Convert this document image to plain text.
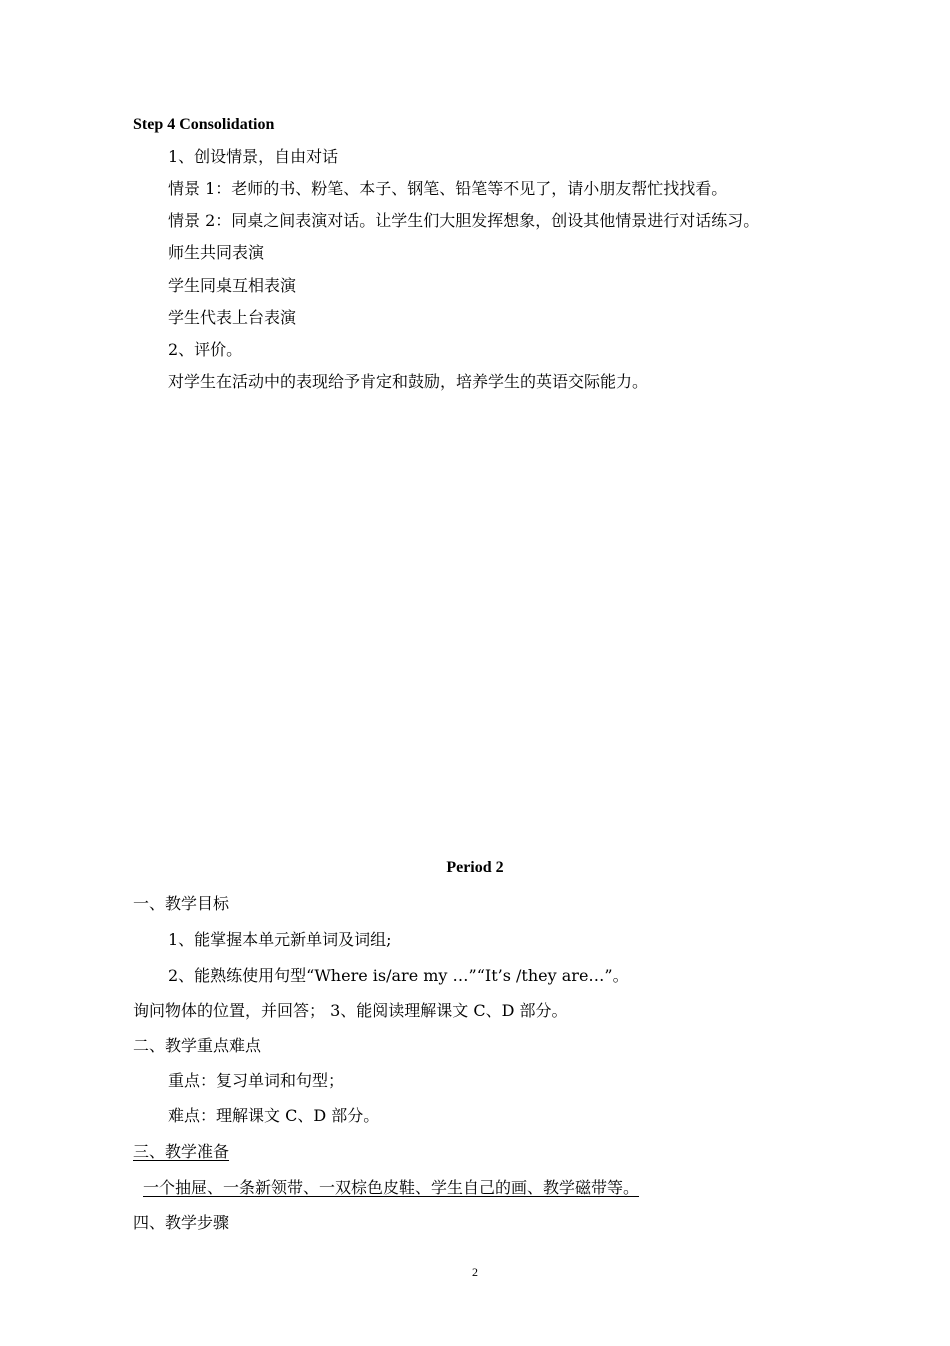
Step 4 Consolidation
1、创设情景，自由对话
情景 1：老师的书、粉笔、本子、钢笔、铅笔等不见了，请小朋友帮忙找找看。
情景 2：同桌之间表演对话。让学生们大胆发挥想象，创设其他情景进行对话练习。
师生共同表演
学生同桌互相表演
学生代表上台表演
2、评价。
对学生在活动中的表现给予肯定和鼓励，培养学生的英语交际能力。
Period 2
一、教学目标
1、能掌握本单元新单词及词组;
2、能熟练使用句型“Where is/are my …”“It’s /they are…”。
询问物体的位置，并回答； 3、能阅读理解课文 C、D 部分。
二、教学重点难点
重点：复习单词和句型；
难点：理解课文 C、D 部分。
三、教学准备
一个抽屉、一条新领带、一双棕色皮鞋、学生自己的画、教学磁带等。
四、教学步骤
2
